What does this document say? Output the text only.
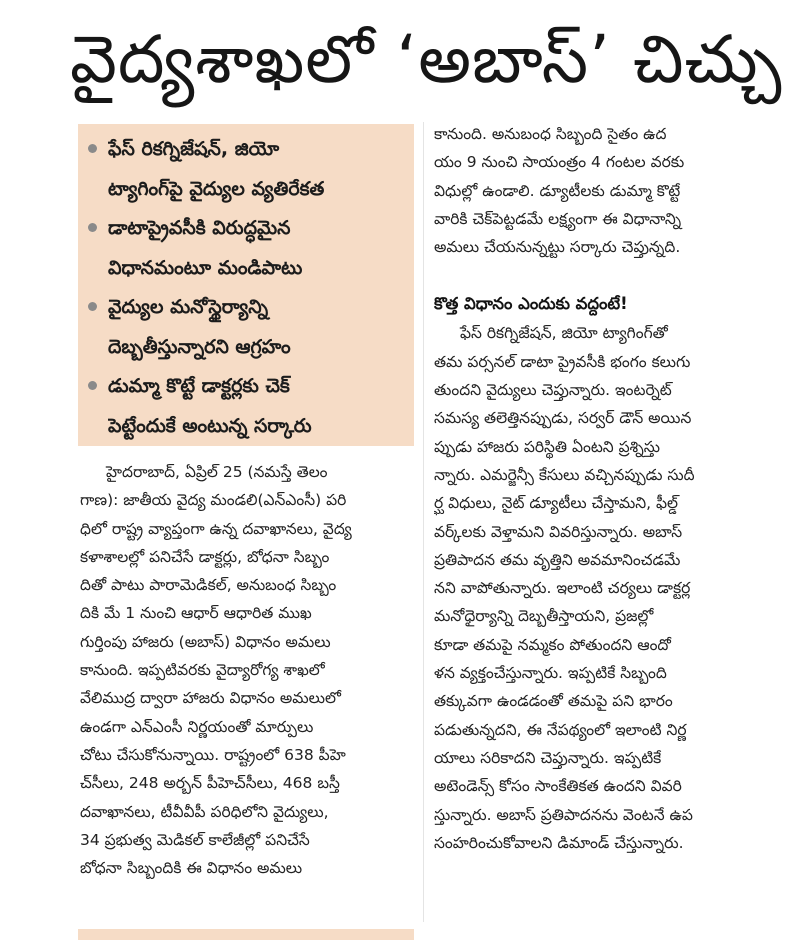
వైద్యశాఖలో ‘అబాస్’ చిచ్చు
ఫేస్ రికగ్నిజేషన్, జియో
ట్యాగింగ్‌పై వైద్యుల వ్యతిరేకత
డాటాప్రైవసీకి విరుద్ధమైన
విధానమంటూ మండిపాటు
వైద్యుల మనోస్థైర్యాన్ని
దెబ్బతీస్తున్నారని ఆగ్రహం
డుమ్మా కొట్టే డాక్టర్లకు చెక్
పెట్టేందుకే అంటున్న సర్కారు
హైదరాబాద్, ఏప్రిల్ 25 (నమస్తే తెలం
గాణ): జాతీయ వైద్య మండలి(ఎన్ఎంసీ) పరి
ధిలో రాష్ట్ర వ్యాప్తంగా ఉన్న దవాఖానలు, వైద్య
కళాశాలల్లో పనిచేసే డాక్టర్లు, బోధనా సిబ్బం
దితో పాటు పారామెడికల్, అనుబంధ సిబ్బం
దికి మే 1 నుంచి ఆధార్ ఆధారిత ముఖ
గుర్తింపు హాజరు (అబాస్) విధానం అమలు
కానుంది. ఇప్పటివరకు వైద్యారోగ్య శాఖలో
వేలిముద్ర ద్వారా హాజరు విధానం అమలులో
ఉండగా ఎన్ఎంసీ నిర్ణయంతో మార్పులు
చోటు చేసుకోనున్నాయి. రాష్ట్రంలో 638 పీహె
చ్‌సీలు, 248 అర్బన్ పీహెచ్‌సీలు, 468 బస్తీ
దవాఖానలు, టీవీవీపీ పరిధిలోని వైద్యులు,
34 ప్రభుత్వ మెడికల్ కాలేజీల్లో పనిచేసే
బోధనా సిబ్బందికి ఈ విధానం అమలు
కానుంది. అనుబంధ సిబ్బంది సైతం ఉద
యం 9 నుంచి సాయంత్రం 4 గంటల వరకు
విధుల్లో ఉండాలి. డ్యూటీలకు డుమ్మా కొట్టే
వారికి చెక్‌పెట్టడమే లక్ష్యంగా ఈ విధానాన్ని
అమలు చేయనున్నట్టు సర్కారు చెప్తున్నది.
కొత్త విధానం ఎందుకు వద్దంటే!
ఫేస్ రికగ్నిజేషన్, జియో ట్యాగింగ్‌తో
తమ పర్సనల్ డాటా ప్రైవసీకి భంగం కలుగు
తుందని వైద్యులు చెప్తున్నారు. ఇంటర్నెట్
సమస్య తలెత్తినప్పుడు, సర్వర్ డౌన్ అయిన
ప్పుడు హాజరు పరిస్థితి ఏంటని ప్రశ్నిస్తు
న్నారు. ఎమర్జెన్సీ కేసులు వచ్చినప్పుడు సుదీ
ర్ఘ విధులు, నైట్ డ్యూటీలు చేస్తామని, ఫీల్డ్
వర్క్‌లకు వెళ్తామని వివరిస్తున్నారు. అబాస్
ప్రతిపాదన తమ వృత్తిని అవమానించడమే
నని వాపోతున్నారు. ఇలాంటి చర్యలు డాక్టర్ల
మనోధైర్యాన్ని దెబ్బతీస్తాయని, ప్రజల్లో
కూడా తమపై నమ్మకం పోతుందని ఆందో
ళన వ్యక్తంచేస్తున్నారు. ఇప్పటికే సిబ్బంది
తక్కువగా ఉండడంతో తమపై పని భారం
పడుతున్నదని, ఈ నేపథ్యంలో ఇలాంటి నిర్ణ
యాలు సరికాదని చెప్తున్నారు. ఇప్పటికే
అటెండెన్స్ కోసం సాంకేతికత ఉందని వివరి
స్తున్నారు. అబాస్ ప్రతిపాదనను వెంటనే ఉప
సంహరించుకోవాలని డిమాండ్ చేస్తున్నారు.
